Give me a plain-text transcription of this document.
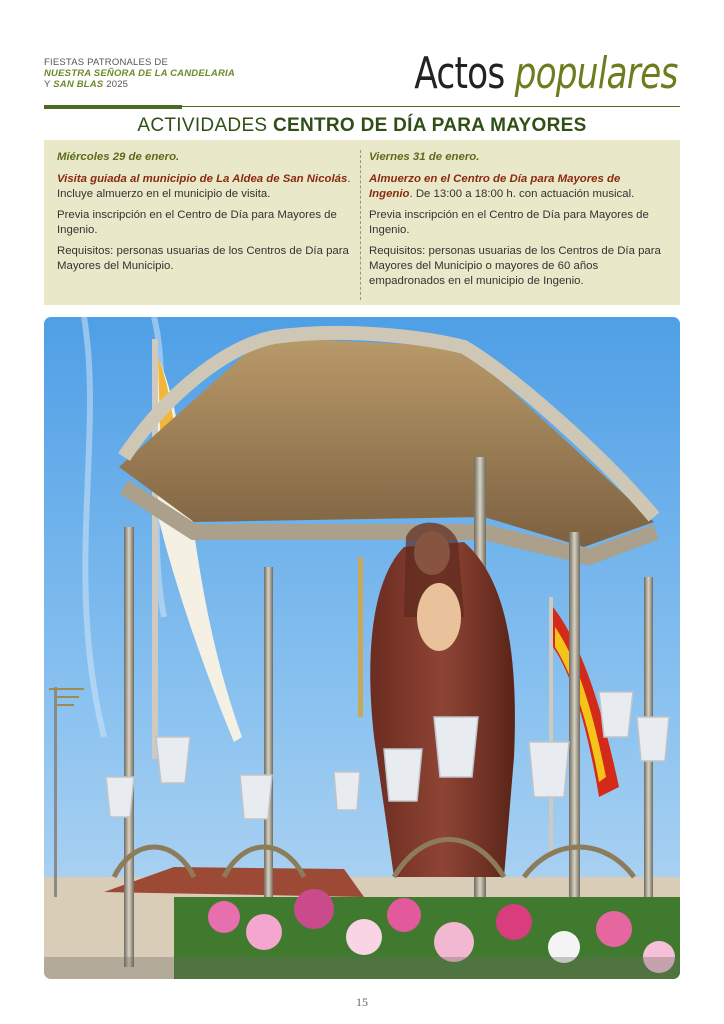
FIESTAS PATRONALES DE
NUESTRA SEÑORA DE LA CANDELARIA
Y SAN BLAS 2025	Actos populares
ACTIVIDADES CENTRO DE DÍA PARA MAYORES
Miércoles 29 de enero.

Visita guiada al municipio de La Aldea de San Nicolás. Incluye almuerzo en el municipio de visita.

Previa inscripción en el Centro de Día para Mayores de Ingenio.

Requisitos: personas usuarias de los Centros de Día para Mayores del Municipio.

Viernes 31 de enero.

Almuerzo en el Centro de Día para Mayores de Ingenio. De 13:00 a 18:00 h. con actuación musical.

Previa inscripción en el Centro de Día para Mayores de Ingenio.

Requisitos: personas usuarias de los Centros de Día para Mayores del Municipio o mayores de 60 años empadronados en el municipio de Ingenio.

15
